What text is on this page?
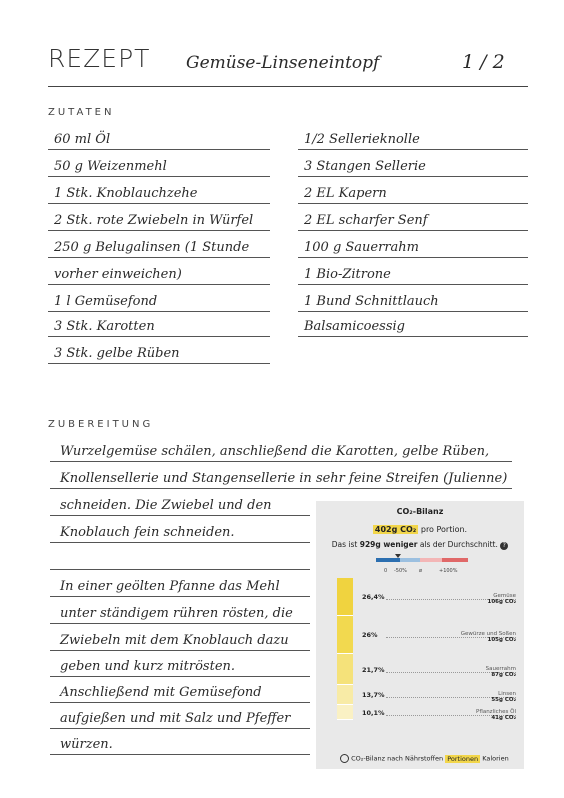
REZEPT Gemüse-Linseneintopf	1 / 2
ZUTATEN
60 ml Öl
50 g Weizenmehl
1 Stk. Knoblauchzehe
2 Stk. rote Zwiebeln in Würfel
250 g Belugalinsen (1 Stunde
vorher einweichen)
1 l Gemüsefond
3 Stk. Karotten
3 Stk. gelbe Rüben
1/2 Sellerieknolle
3 Stangen Sellerie
2 EL Kapern
2 EL scharfer Senf
100 g Sauerrahm
1 Bio-Zitrone
1 Bund Schnittlauch
Balsamicoessig
ZUBEREITUNG
Wurzelgemüse schälen, anschließend die Karotten, gelbe Rüben,
Knollensellerie und Stangensellerie in sehr feine Streifen (Julienne)
schneiden. Die Zwiebel und den
Knoblauch fein schneiden.
In einer geölten Pfanne das Mehl
unter ständigem rühren rösten, die
Zwiebeln mit dem Knoblauch dazu
geben und kurz mitrösten.
Anschließend mit Gemüsefond
aufgießen und mit Salz und Pfeffer
würzen.
CO₂-Bilanz
402g CO₂ pro Portion.
Das ist 929g weniger als der Durchschnitt. ?
0 -50% ø	+100%
26,4%	Gemüse
106g CO₂
26%	Gewürze und Soßen
105g CO₂
21,7%	Sauerrahm
87g CO₂
13,7%	Linsen
55g CO₂
10,1%	Pflanzliches Öl
41g CO₂
CO₂-Bilanz nach Nährstoffen Portionen Kalorien
